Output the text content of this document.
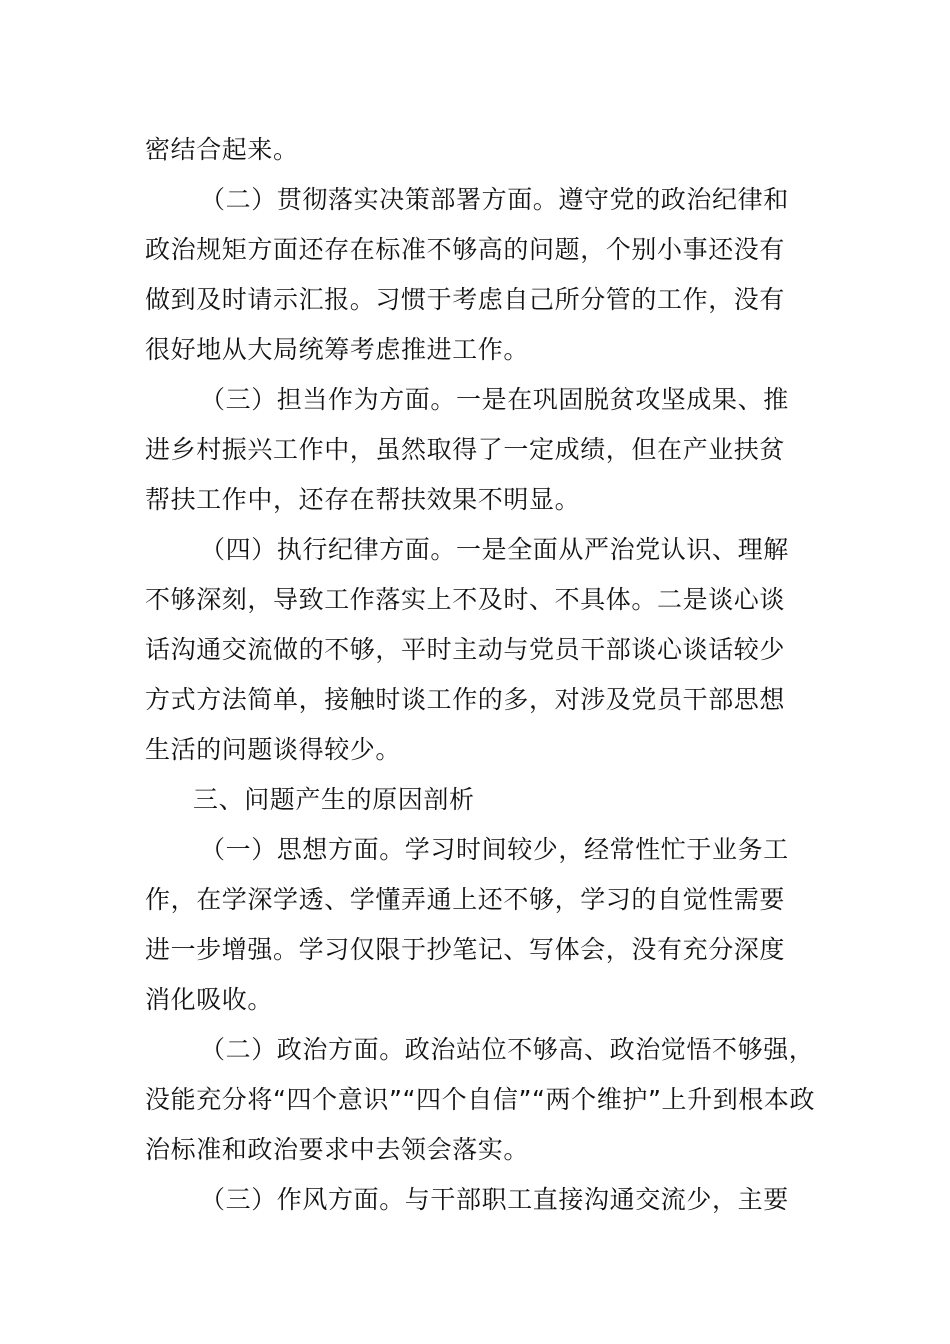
密结合起来。

（二）贯彻落实决策部署方面。遵守党的政治纪律和

政治规矩方面还存在标准不够高的问题，个别小事还没有

做到及时请示汇报。习惯于考虑自己所分管的工作，没有

很好地从大局统筹考虑推进工作。

（三）担当作为方面。一是在巩固脱贫攻坚成果、推

进乡村振兴工作中，虽然取得了一定成绩，但在产业扶贫

帮扶工作中，还存在帮扶效果不明显。

（四）执行纪律方面。一是全面从严治党认识、理解

不够深刻，导致工作落实上不及时、不具体。二是谈心谈

话沟通交流做的不够，平时主动与党员干部谈心谈话较少

方式方法简单，接触时谈工作的多，对涉及党员干部思想

生活的问题谈得较少。

三、问题产生的原因剖析

（一）思想方面。学习时间较少，经常性忙于业务工

作，在学深学透、学懂弄通上还不够，学习的自觉性需要

进一步增强。学习仅限于抄笔记、写体会，没有充分深度

消化吸收。

（二）政治方面。政治站位不够高、政治觉悟不够强，

没能充分将“四个意识”“四个自信”“两个维护”上升到根本政

治标准和政治要求中去领会落实。

（三）作风方面。与干部职工直接沟通交流少，主要
